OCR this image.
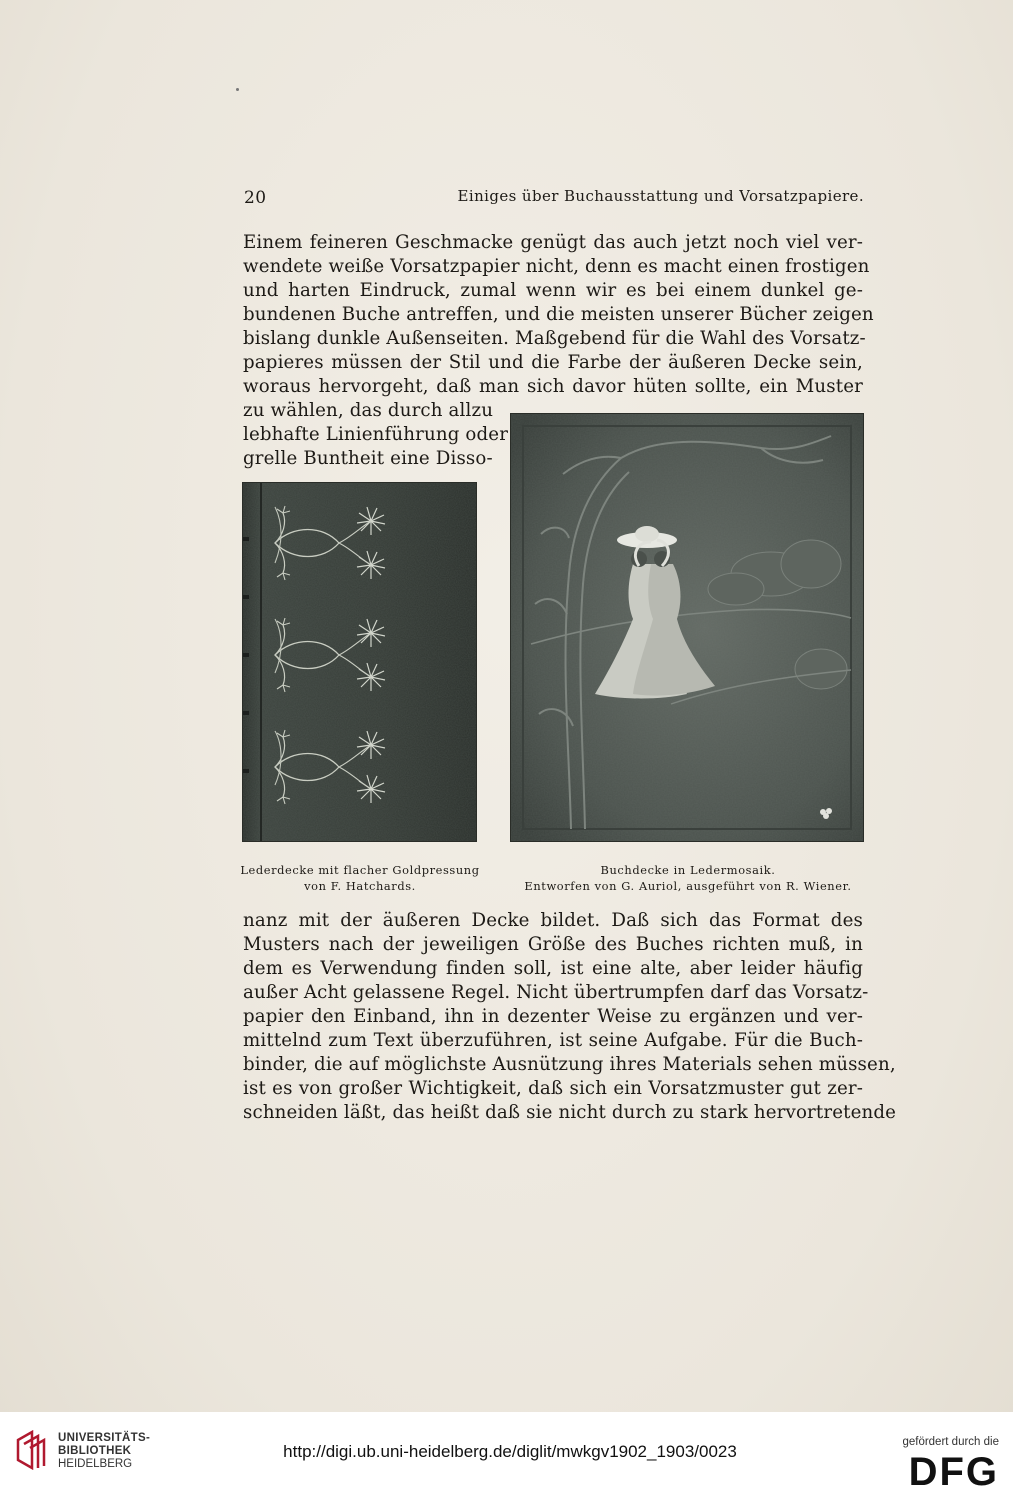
20	Einiges über Buchausstattung und Vorsatzpapiere.
Einem feineren Geschmacke genügt das auch jetzt noch viel ver-
wendete weiße Vorsatzpapier nicht, denn es macht einen frostigen
und harten Eindruck, zumal wenn wir es bei einem dunkel ge-
bundenen Buche antreffen, und die meisten unserer Bücher zeigen
bislang dunkle Außenseiten. Maßgebend für die Wahl des Vorsatz-
papieres müssen der Stil und die Farbe der äußeren Decke sein,
woraus hervorgeht, daß man sich davor hüten sollte, ein Muster
zu wählen, das durch allzu
lebhafte Linienführung oder
grelle Buntheit eine Disso-
Lederdecke mit flacher Goldpressung
von F. Hatchards.
Buchdecke in Ledermosaik.
Entworfen von G. Auriol, ausgeführt von R. Wiener.
nanz mit der äußeren Decke bildet. Daß sich das Format des
Musters nach der jeweiligen Größe des Buches richten muß, in
dem es Verwendung finden soll, ist eine alte, aber leider häufig
außer Acht gelassene Regel. Nicht übertrumpfen darf das Vorsatz-
papier den Einband, ihn in dezenter Weise zu ergänzen und ver-
mittelnd zum Text überzuführen, ist seine Aufgabe. Für die Buch-
binder, die auf möglichste Ausnützung ihres Materials sehen müssen,
ist es von großer Wichtigkeit, daß sich ein Vorsatzmuster gut zer-
schneiden läßt, das heißt daß sie nicht durch zu stark hervortretende
UNIVERSITÄTS-
BIBLIOTHEK
HEIDELBERG
http://digi.ub.uni-heidelberg.de/diglit/mwkgv1902_1903/0023	gefördert durch die
DFG
